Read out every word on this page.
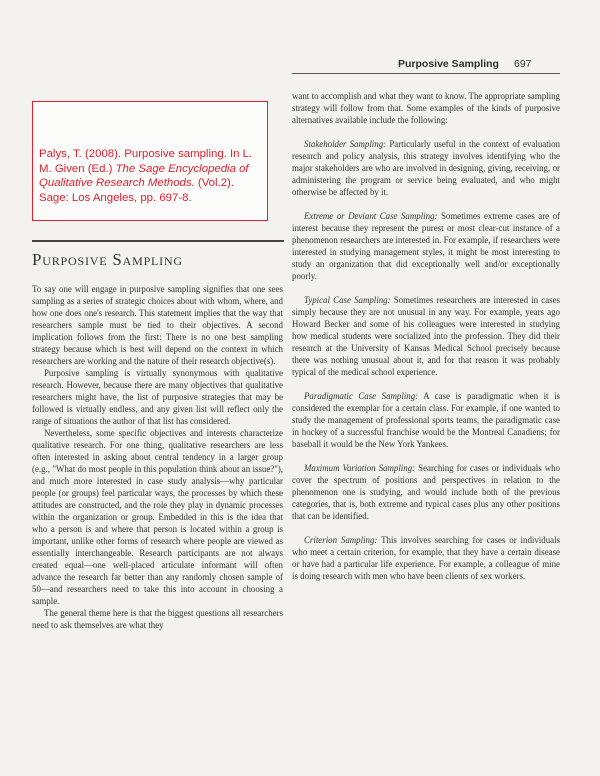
Purposive Sampling 697
Palys, T. (2008). Purposive sampling. In L. M. Given (Ed.) The Sage Encyclopedia of Qualitative Research Methods. (Vol.2). Sage: Los Angeles, pp. 697-8.
Purposive Sampling

To say one will engage in purposive sampling signifies that one sees sampling as a series of strategic choices about with whom, where, and how one does one's research. This statement implies that the way that researchers sample must be tied to their objectives. A second implication follows from the first: There is no one best sampling strategy because which is best will depend on the context in which researchers are working and the nature of their research objective(s).

Purposive sampling is virtually synonymous with qualitative research. However, because there are many objectives that qualitative researchers might have, the list of purposive strategies that may be followed is virtually endless, and any given list will reflect only the range of situations the author of that list has considered.

Nevertheless, some specific objectives and interests characterize qualitative research. For one thing, qualitative researchers are less often interested in asking about central tendency in a larger group (e.g., "What do most people in this population think about an issue?"), and much more interested in case study analysis—why particular people (or groups) feel particular ways, the processes by which these attitudes are constructed, and the role they play in dynamic processes within the organization or group. Embedded in this is the idea that who a person is and where that person is located within a group is important, unlike other forms of research where people are viewed as essentially interchangeable. Research participants are not always created equal—one well-placed articulate informant will often advance the research far better than any randomly chosen sample of 50—and researchers need to take this into account in choosing a sample.

The general theme here is that the biggest questions all researchers need to ask themselves are what they

want to accomplish and what they want to know. The appropriate sampling strategy will follow from that. Some examples of the kinds of purposive alternatives available include the following:

Stakeholder Sampling: Particularly useful in the context of evaluation research and policy analysis, this strategy involves identifying who the major stakeholders are who are involved in designing, giving, receiving, or administering the program or service being evaluated, and who might otherwise be affected by it.

Extreme or Deviant Case Sampling: Sometimes extreme cases are of interest because they represent the purest or most clear-cut instance of a phenomenon researchers are interested in. For example, if researchers were interested in studying management styles, it might be most interesting to study an organization that did exceptionally well and/or exceptionally poorly.

Typical Case Sampling: Sometimes researchers are interested in cases simply because they are not unusual in any way. For example, years ago Howard Becker and some of his colleagues were interested in studying how medical students were socialized into the profession. They did their research at the University of Kansas Medical School precisely because there was nothing unusual about it, and for that reason it was probably typical of the medical school experience.

Paradigmatic Case Sampling: A case is paradigmatic when it is considered the exemplar for a certain class. For example, if one wanted to study the management of professional sports teams, the paradigmatic case in hockey of a successful franchise would be the Montreal Canadiens; for baseball it would be the New York Yankees.

Maximum Variation Sampling: Searching for cases or individuals who cover the spectrum of positions and perspectives in relation to the phenomenon one is studying, and would include both of the previous categories, that is, both extreme and typical cases plus any other positions that can be identified.

Criterion Sampling: This involves searching for cases or individuals who meet a certain criterion, for example, that they have a certain disease or have had a particular life experience. For example, a colleague of mine is doing research with men who have been clients of sex workers.
